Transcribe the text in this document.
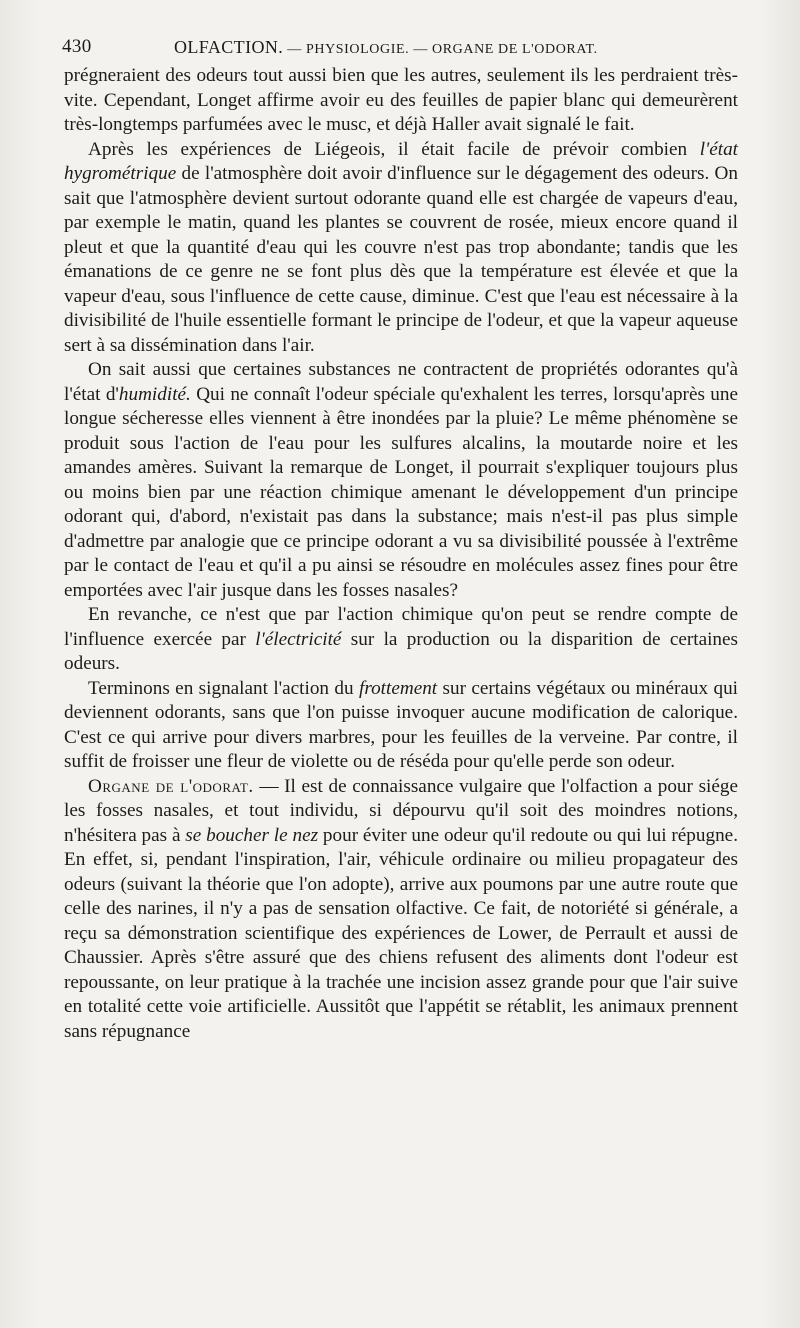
430	OLFACTION. — PHYSIOLOGIE. — ORGANE DE L'ODORAT.

prégneraient des odeurs tout aussi bien que les autres, seulement ils les perdraient très-vite. Cependant, Longet affirme avoir eu des feuilles de papier blanc qui demeurèrent très-longtemps parfumées avec le musc, et déjà Haller avait signalé le fait.

Après les expériences de Liégeois, il était facile de prévoir combien l'état hygrométrique de l'atmosphère doit avoir d'influence sur le dégagement des odeurs. On sait que l'atmosphère devient surtout odorante quand elle est chargée de vapeurs d'eau, par exemple le matin, quand les plantes se couvrent de rosée, mieux encore quand il pleut et que la quantité d'eau qui les couvre n'est pas trop abondante; tandis que les émanations de ce genre ne se font plus dès que la température est élevée et que la vapeur d'eau, sous l'influence de cette cause, diminue. C'est que l'eau est nécessaire à la divisibilité de l'huile essentielle formant le principe de l'odeur, et que la vapeur aqueuse sert à sa dissémination dans l'air.

On sait aussi que certaines substances ne contractent de propriétés odorantes qu'à l'état d'humidité. Qui ne connaît l'odeur spéciale qu'exhalent les terres, lorsqu'après une longue sécheresse elles viennent à être inondées par la pluie? Le même phénomène se produit sous l'action de l'eau pour les sulfures alcalins, la moutarde noire et les amandes amères. Suivant la remarque de Longet, il pourrait s'expliquer toujours plus ou moins bien par une réaction chimique amenant le développement d'un principe odorant qui, d'abord, n'existait pas dans la substance; mais n'est-il pas plus simple d'admettre par analogie que ce principe odorant a vu sa divisibilité poussée à l'extrême par le contact de l'eau et qu'il a pu ainsi se résoudre en molécules assez fines pour être emportées avec l'air jusque dans les fosses nasales?

En revanche, ce n'est que par l'action chimique qu'on peut se rendre compte de l'influence exercée par l'électricité sur la production ou la disparition de certaines odeurs.

Terminons en signalant l'action du frottement sur certains végétaux ou minéraux qui deviennent odorants, sans que l'on puisse invoquer aucune modification de calorique. C'est ce qui arrive pour divers marbres, pour les feuilles de la verveine. Par contre, il suffit de froisser une fleur de violette ou de réséda pour qu'elle perde son odeur.

Organe de l'odorat. — Il est de connaissance vulgaire que l'olfaction a pour siége les fosses nasales, et tout individu, si dépourvu qu'il soit des moindres notions, n'hésitera pas à se boucher le nez pour éviter une odeur qu'il redoute ou qui lui répugne. En effet, si, pendant l'inspiration, l'air, véhicule ordinaire ou milieu propagateur des odeurs (suivant la théorie que l'on adopte), arrive aux poumons par une autre route que celle des narines, il n'y a pas de sensation olfactive. Ce fait, de notoriété si générale, a reçu sa démonstration scientifique des expériences de Lower, de Perrault et aussi de Chaussier. Après s'être assuré que des chiens refusent des aliments dont l'odeur est repoussante, on leur pratique à la trachée une incision assez grande pour que l'air suive en totalité cette voie artificielle. Aussitôt que l'appétit se rétablit, les animaux prennent sans répugnance
